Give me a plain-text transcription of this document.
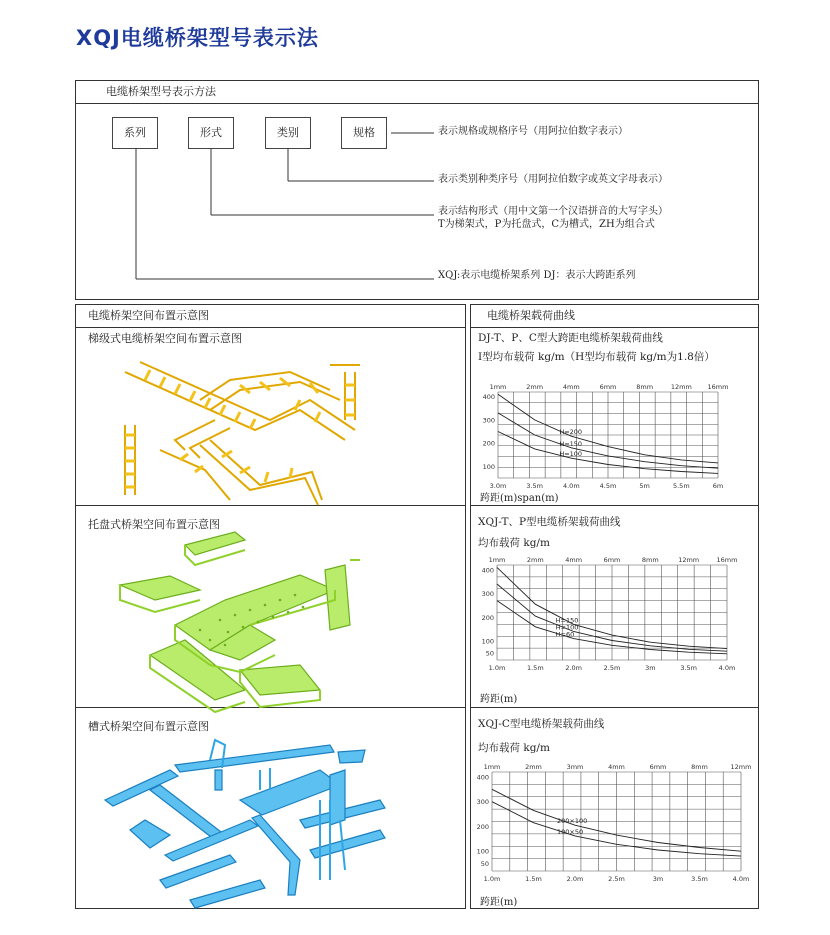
XQJ电缆桥架型号表示法
电缆桥架型号表示方法
系列	形式	类别	规格	表示规格或规格序号（用阿拉伯数字表示）
表示类别种类序号（用阿拉伯数字或英文字母表示）
表示结构形式（用中文第一个汉语拼音的大写字头）
T为梯架式，P为托盘式，C为槽式，ZH为组合式
XQJ:表示电缆桥架系列 DJ：表示大跨距系列
电缆桥架空间布置示意图
梯级式电缆桥架空间布置示意图
托盘式桥架空间布置示意图
槽式桥架空间布置示意图
电缆桥架载荷曲线
DJ-T、P、C型大跨距电缆桥架载荷曲线
I型均布载荷 kg/m（H型均布载荷 kg/m为1.8倍）
跨距(m)span(m)
XQJ-T、P型电缆桥架载荷曲线
均布载荷 kg/m
跨距(m)
XQJ-C型电缆桥架载荷曲线
均布载荷 kg/m
跨距(m)
1mm	2mm	4mm	6mm	8mm	12mm 16mm
3.0m	3.5m	4.0m	4.5m	5m	5.5m	6m
100
200
300
400
H=200
H=150
H=100
1mm	2mm	4mm	6mm	8mm	12mm	16mm
1.0m	1.5m	2.0m	2.5m	3m	3.5m	4.0m
50
100
200
300
400
H=150
H=100
H=60
1mm	2mm	3mm	4mm	6mm	8mm	12mm
1.0m	1.5m	2.0m	2.5m	3m	3.5m	4.0m
50
100
200
300
400
200×100
100×50
